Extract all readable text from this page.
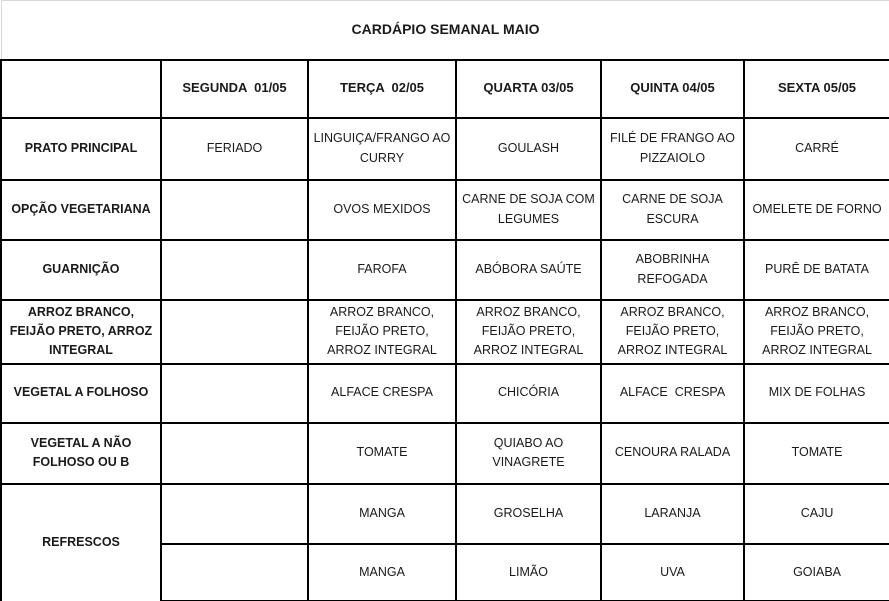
CARDÁPIO SEMANAL MAIO					
	SEGUNDA  01/05	TERÇA  02/05	QUARTA 03/05	QUINTA 04/05	SEXTA 05/05
PRATO PRINCIPAL	FERIADO	LINGUIÇA/FRANGO AO CURRY	GOULASH	FILÉ DE FRANGO AO PIZZAIOLO	CARRÉ
OPÇÃO VEGETARIANA		OVOS MEXIDOS	CARNE DE SOJA COM LEGUMES	CARNE DE SOJA ESCURA	OMELETE DE FORNO
GUARNIÇÃO		FAROFA	ABÓBORA SAÚTE	ABOBRINHA REFOGADA	PURÊ DE BATATA
ARROZ BRANCO, FEIJÃO PRETO, ARROZ INTEGRAL		ARROZ BRANCO, FEIJÃO PRETO, ARROZ INTEGRAL	ARROZ BRANCO, FEIJÃO PRETO, ARROZ INTEGRAL	ARROZ BRANCO, FEIJÃO PRETO, ARROZ INTEGRAL	ARROZ BRANCO, FEIJÃO PRETO, ARROZ INTEGRAL
VEGETAL A FOLHOSO		ALFACE CRESPA	CHICÓRIA	ALFACE  CRESPA	MIX DE FOLHAS
VEGETAL A NÃO FOLHOSO OU B		TOMATE	QUIABO AO VINAGRETE	CENOURA RALADA	TOMATE
REFRESCOS		MANGA	GROSELHA	LARANJA	CAJU
		MANGA	LIMÃO	UVA	GOIABA
